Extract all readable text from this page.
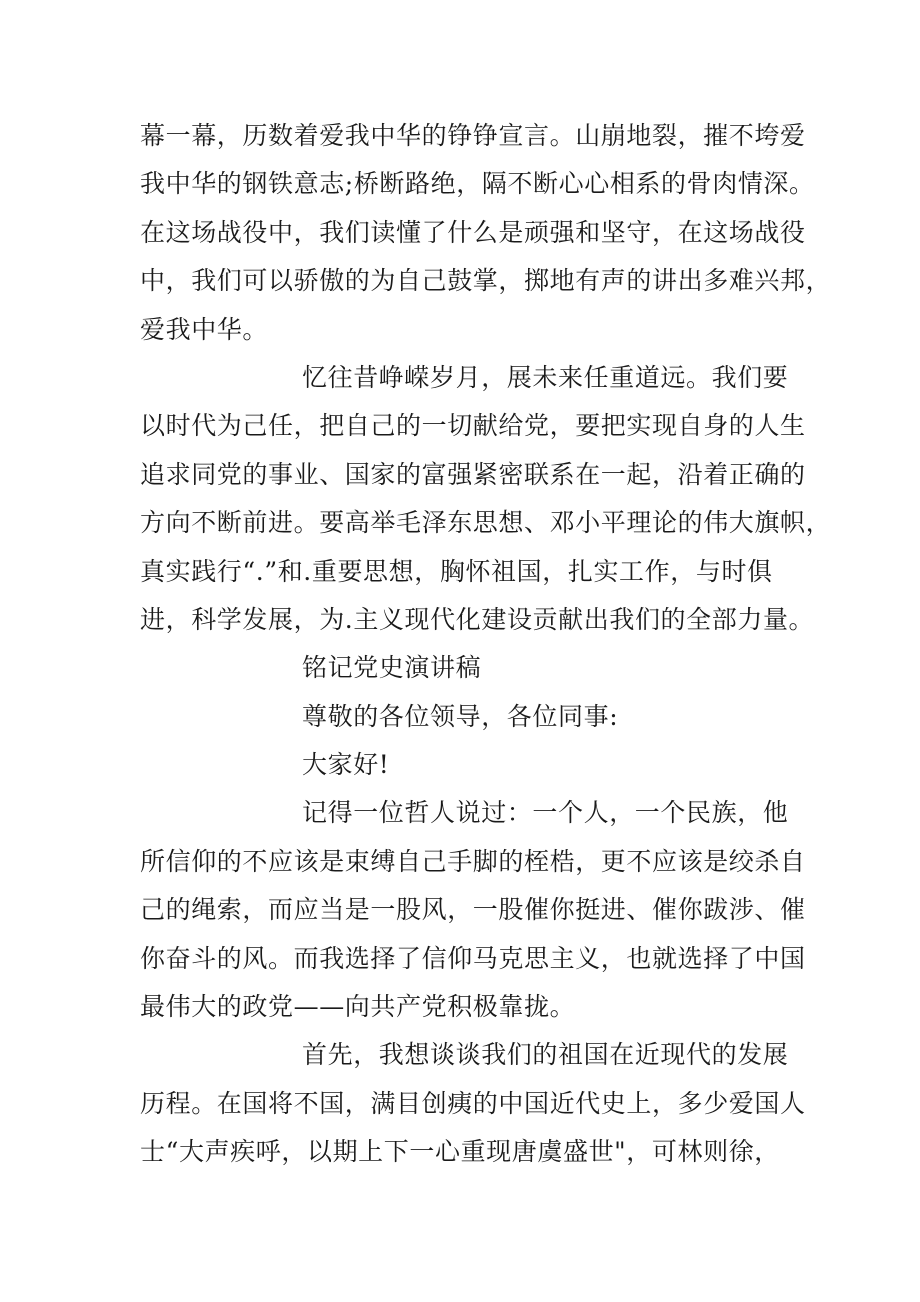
幕一幕，历数着爱我中华的铮铮宣言。山崩地裂，摧不垮爱
我中华的钢铁意志;桥断路绝，隔不断心心相系的骨肉情深。
在这场战役中，我们读懂了什么是顽强和坚守，在这场战役
中，我们可以骄傲的为自己鼓掌，掷地有声的讲出多难兴邦，
爱我中华。
忆往昔峥嵘岁月，展未来任重道远。我们要
以时代为己任，把自己的一切献给党，要把实现自身的人生
追求同党的事业、国家的富强紧密联系在一起，沿着正确的
方向不断前进。要高举毛泽东思想、邓小平理论的伟大旗帜，
真实践行“.”和.重要思想，胸怀祖国，扎实工作，与时俱
进，科学发展，为.主义现代化建设贡献出我们的全部力量。
铭记党史演讲稿
尊敬的各位领导，各位同事:
大家好!
记得一位哲人说过：一个人，一个民族，他
所信仰的不应该是束缚自己手脚的桎梏，更不应该是绞杀自
己的绳索，而应当是一股风，一股催你挺进、催你跋涉、催
你奋斗的风。而我选择了信仰马克思主义，也就选择了中国
最伟大的政党——向共产党积极靠拢。
首先，我想谈谈我们的祖国在近现代的发展
历程。在国将不国，满目创痍的中国近代史上，多少爱国人
士“大声疾呼，以期上下一心重现唐虞盛世"，可林则徐，
